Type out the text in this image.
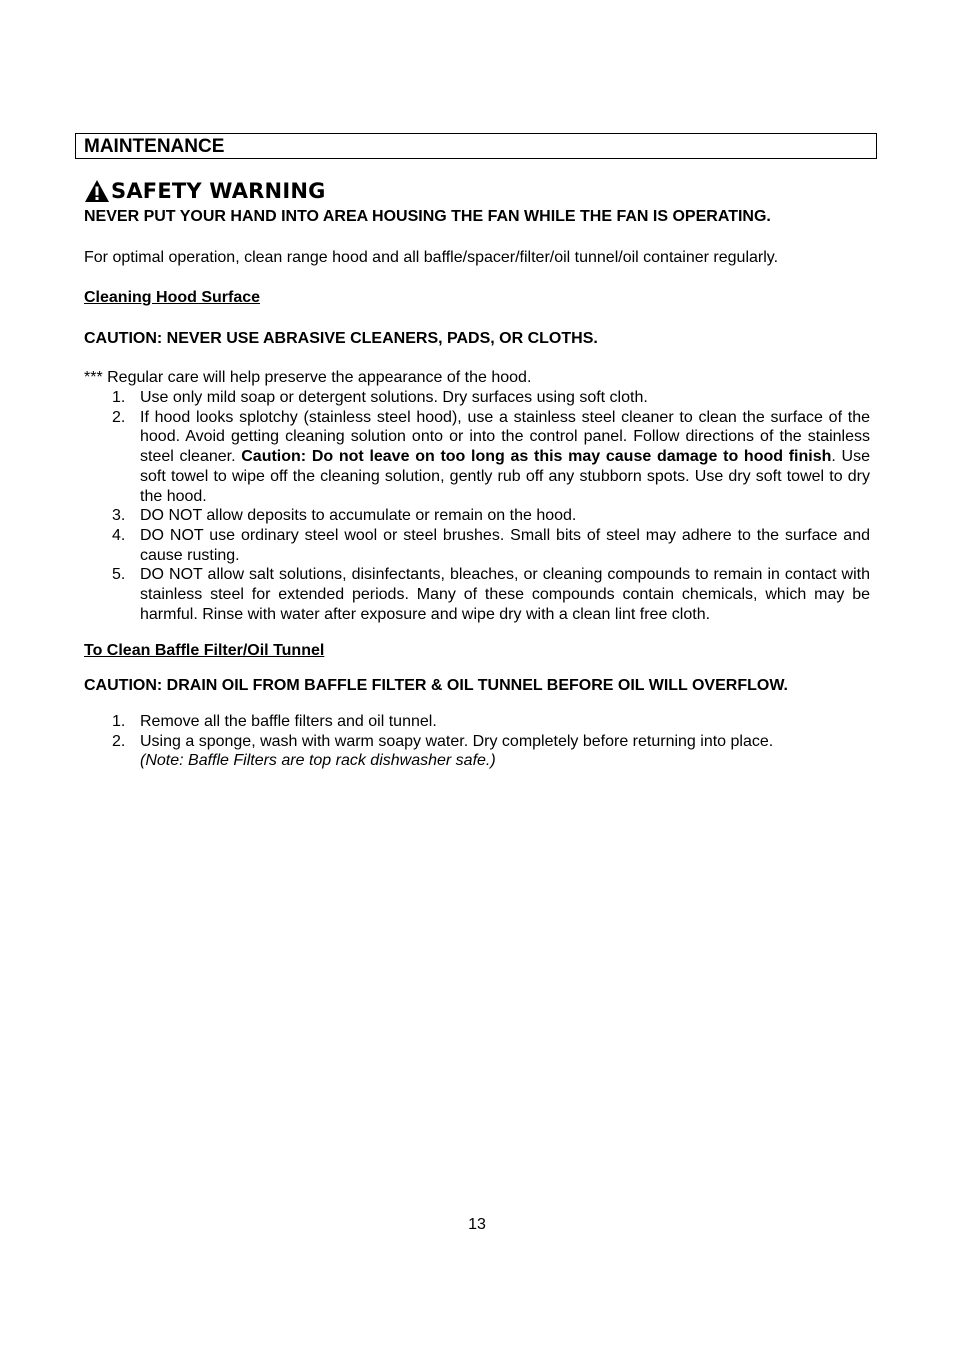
MAINTENANCE
SAFETY WARNING
NEVER PUT YOUR HAND INTO AREA HOUSING THE FAN WHILE THE FAN IS OPERATING.
For optimal operation, clean range hood and all baffle/spacer/filter/oil tunnel/oil container regularly.
Cleaning Hood Surface
CAUTION: NEVER USE ABRASIVE CLEANERS, PADS, OR CLOTHS.
*** Regular care will help preserve the appearance of the hood.
1. Use only mild soap or detergent solutions. Dry surfaces using soft cloth.
2. If hood looks splotchy (stainless steel hood), use a stainless steel cleaner to clean the surface of the hood. Avoid getting cleaning solution onto or into the control panel. Follow directions of the stainless steel cleaner. Caution: Do not leave on too long as this may cause damage to hood finish. Use soft towel to wipe off the cleaning solution, gently rub off any stubborn spots. Use dry soft towel to dry the hood.
3. DO NOT allow deposits to accumulate or remain on the hood.
4. DO NOT use ordinary steel wool or steel brushes. Small bits of steel may adhere to the surface and cause rusting.
5. DO NOT allow salt solutions, disinfectants, bleaches, or cleaning compounds to remain in contact with stainless steel for extended periods. Many of these compounds contain chemicals, which may be harmful. Rinse with water after exposure and wipe dry with a clean lint free cloth.
To Clean Baffle Filter/Oil Tunnel
CAUTION: DRAIN OIL FROM BAFFLE FILTER & OIL TUNNEL BEFORE OIL WILL OVERFLOW.
1. Remove all the baffle filters and oil tunnel.
2. Using a sponge, wash with warm soapy water. Dry completely before returning into place.
(Note: Baffle Filters are top rack dishwasher safe.)
13
